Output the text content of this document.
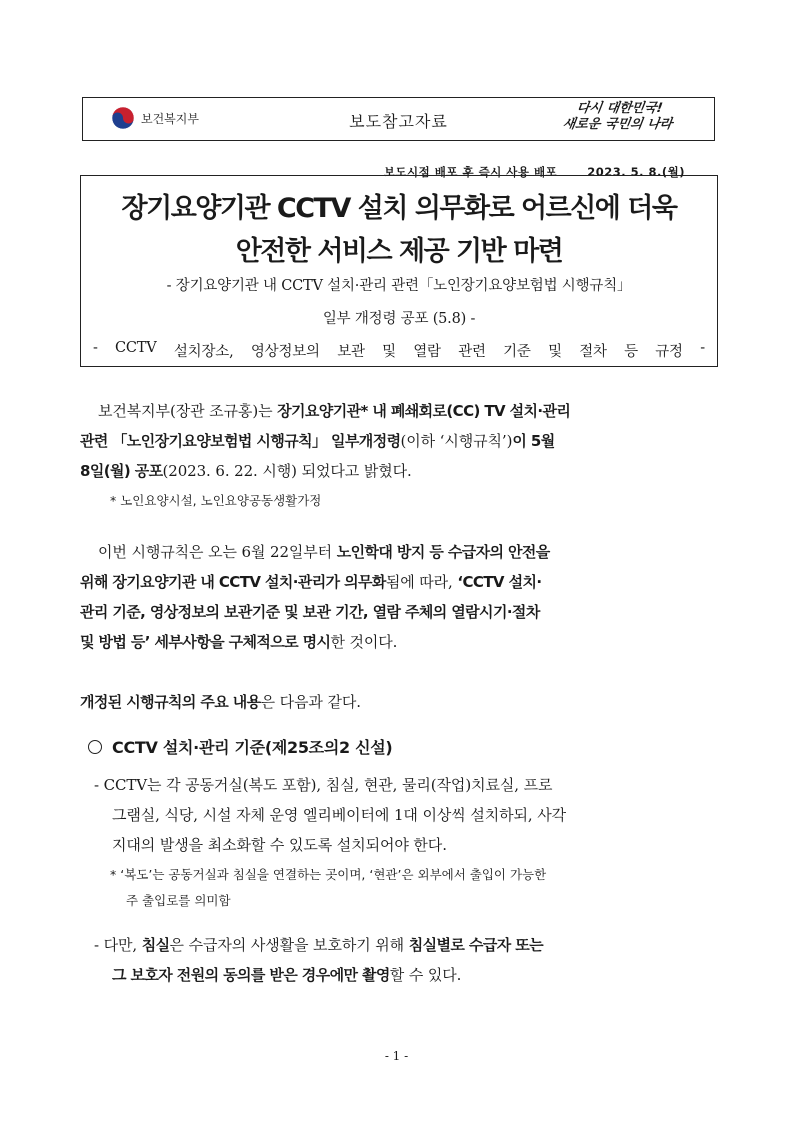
보건복지부	보도참고자료
다시 대한민국!
새로운 국민의 나라

보도시점 배포 후 즉시 사용 배포	2023. 5. 8.(월)

장기요양기관 CCTV 설치 의무화로 어르신에 더욱
안전한 서비스 제공 기반 마련
- 장기요양기관 내 CCTV 설치·관리 관련「노인장기요양보험법 시행규칙」
일부 개정령 공포 (5.8) -
- CCTV 설치장소, 영상정보의 보관 및 열람 관련 기준 및 절차 등 규정 -
보건복지부(장관 조규홍)는 장기요양기관* 내 폐쇄회로(CC) TV 설치·관리
관련 「노인장기요양보험법 시행규칙」 일부개정령(이하 ‘시행규칙’)이 5월
8일(월) 공포(2023. 6. 22. 시행) 되었다고 밝혔다.
* 노인요양시설, 노인요양공동생활가정
이번 시행규칙은 오는 6월 22일부터 노인학대 방지 등 수급자의 안전을
위해 장기요양기관 내 CCTV 설치·관리가 의무화됨에 따라, ‘CCTV 설치·
관리 기준, 영상정보의 보관기준 및 보관 기간, 열람 주체의 열람시기·절차
및 방법 등’ 세부사항을 구체적으로 명시한 것이다.
개정된 시행규칙의 주요 내용은 다음과 같다.
CCTV 설치·관리 기준(제25조의2 신설)
- CCTV는 각 공동거실(복도 포함), 침실, 현관, 물리(작업)치료실, 프로
그램실, 식당, 시설 자체 운영 엘리베이터에 1대 이상씩 설치하되, 사각
지대의 발생을 최소화할 수 있도록 설치되어야 한다.
* ‘복도’는 공동거실과 침실을 연결하는 곳이며, ‘현관’은 외부에서 출입이 가능한
주 출입로를 의미함
- 다만, 침실은 수급자의 사생활을 보호하기 위해 침실별로 수급자 또는
그 보호자 전원의 동의를 받은 경우에만 촬영할 수 있다.
- 1 -
